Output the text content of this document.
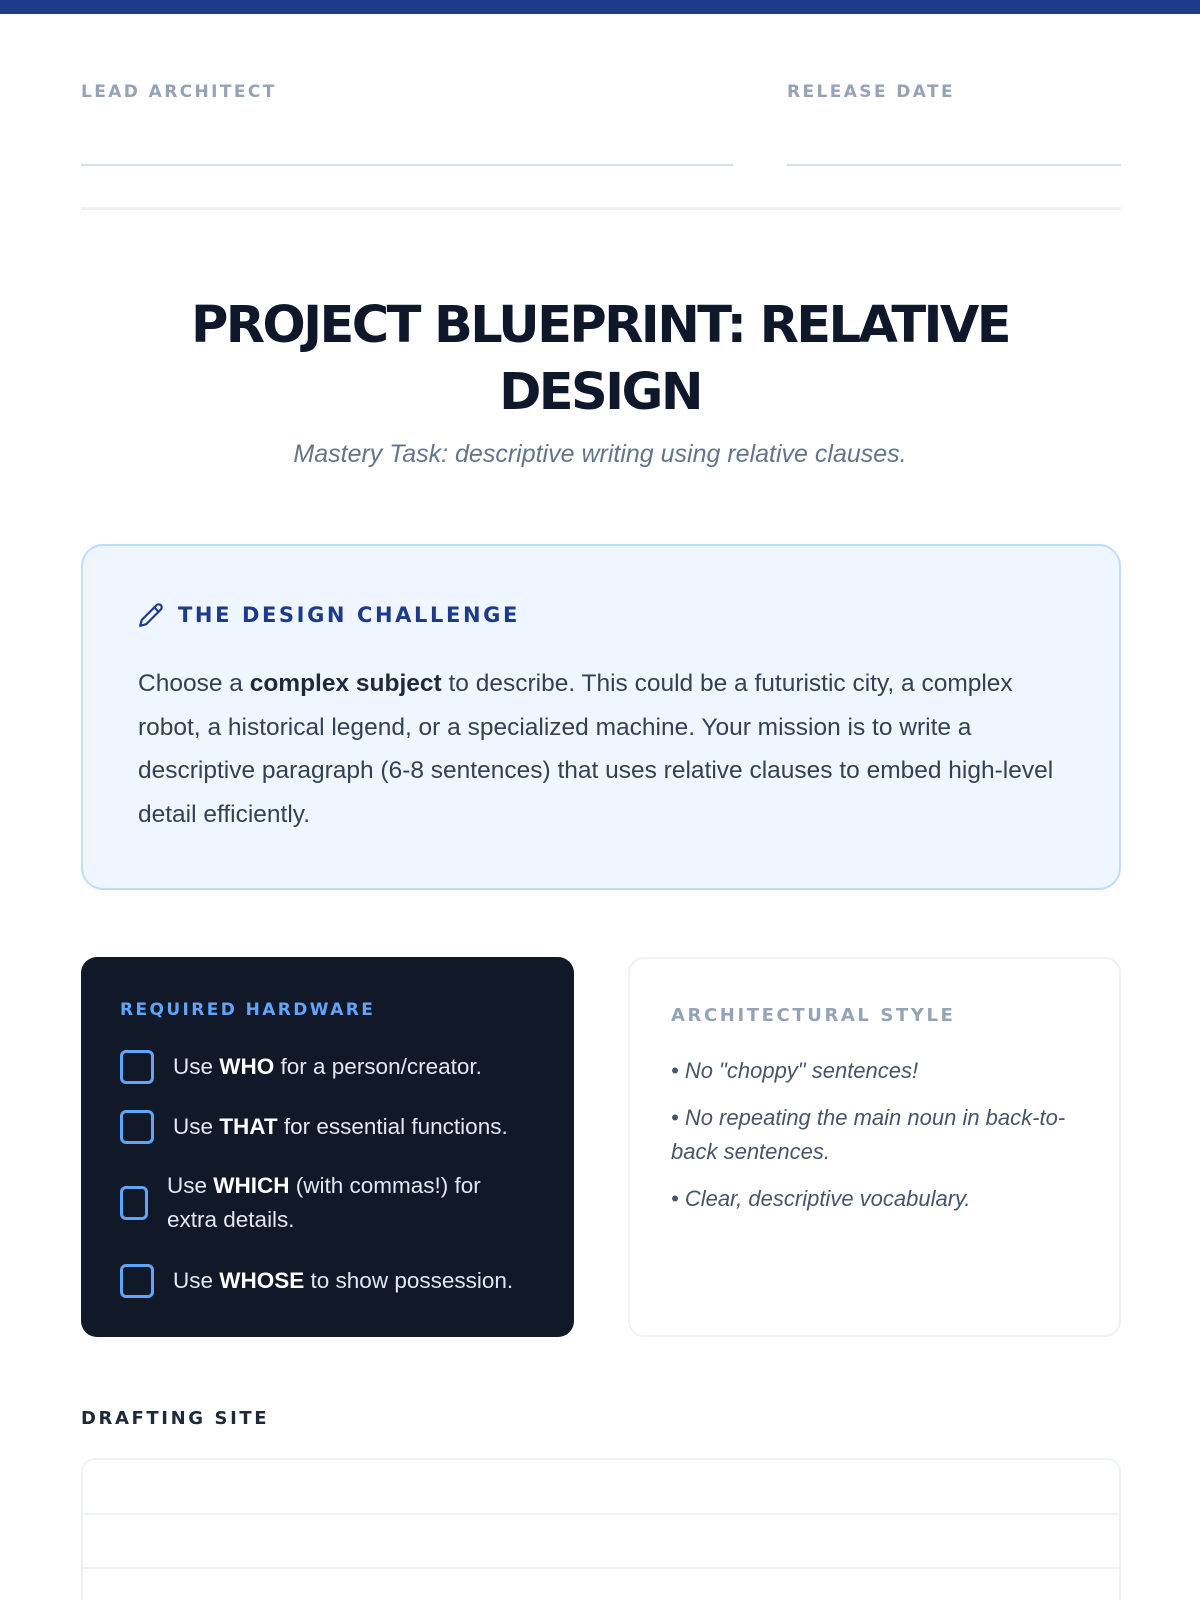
LEAD ARCHITECT	RELEASE DATE
PROJECT BLUEPRINT: RELATIVE
DESIGN
Mastery Task: descriptive writing using relative clauses.
THE DESIGN CHALLENGE

Choose a complex subject to describe. This could be a futuristic city, a complex robot, a historical legend, or a specialized machine. Your mission is to write a descriptive paragraph (6-8 sentences) that uses relative clauses to embed high-level detail efficiently.

REQUIRED HARDWARE
Use WHO for a person/creator.
Use THAT for essential functions.
Use WHICH (with commas!) for extra details.
Use WHOSE to show possession.
ARCHITECTURAL STYLE
• No "choppy" sentences!
• No repeating the main noun in back-to-back sentences.
• Clear, descriptive vocabulary.
DRAFTING SITE
